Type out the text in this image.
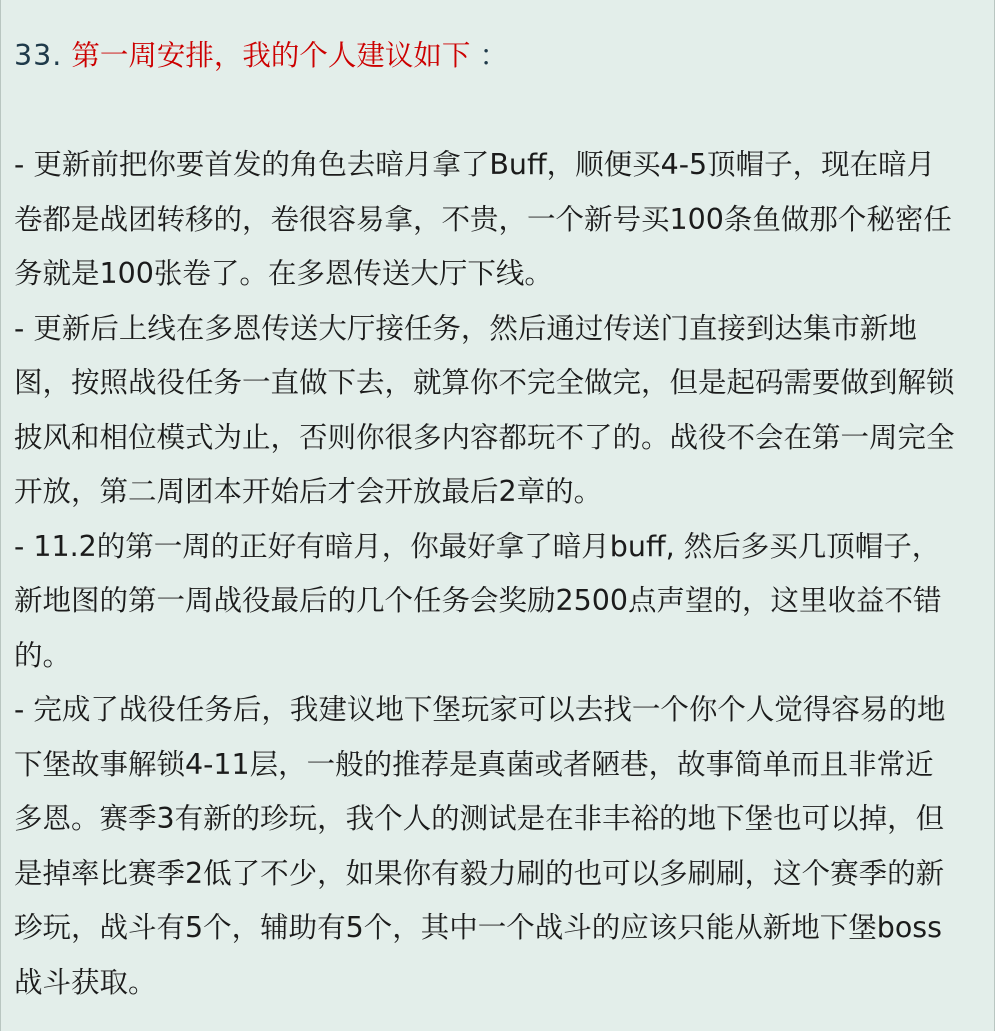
33. 第一周安排，我的个人建议如下 ：

- 更新前把你要首发的角色去暗月拿了Buff，顺便买4-5顶帽子，现在暗月
卷都是战团转移的，卷很容易拿，不贵，一个新号买100条鱼做那个秘密任
务就是100张卷了。在多恩传送大厅下线。

- 更新后上线在多恩传送大厅接任务，然后通过传送门直接到达集市新地
图，按照战役任务一直做下去，就算你不完全做完，但是起码需要做到解锁
披风和相位模式为止，否则你很多内容都玩不了的。战役不会在第一周完全
开放，第二周团本开始后才会开放最后2章的。

- 11.2的第一周的正好有暗月，你最好拿了暗月buff, 然后多买几顶帽子，
新地图的第一周战役最后的几个任务会奖励2500点声望的，这里收益不错
的。

- 完成了战役任务后，我建议地下堡玩家可以去找一个你个人觉得容易的地
下堡故事解锁4-11层，一般的推荐是真菌或者陋巷，故事简单而且非常近
多恩。赛季3有新的珍玩，我个人的测试是在非丰裕的地下堡也可以掉，但
是掉率比赛季2低了不少，如果你有毅力刷的也可以多刷刷，这个赛季的新
珍玩，战斗有5个，辅助有5个，其中一个战斗的应该只能从新地下堡boss
战斗获取。
